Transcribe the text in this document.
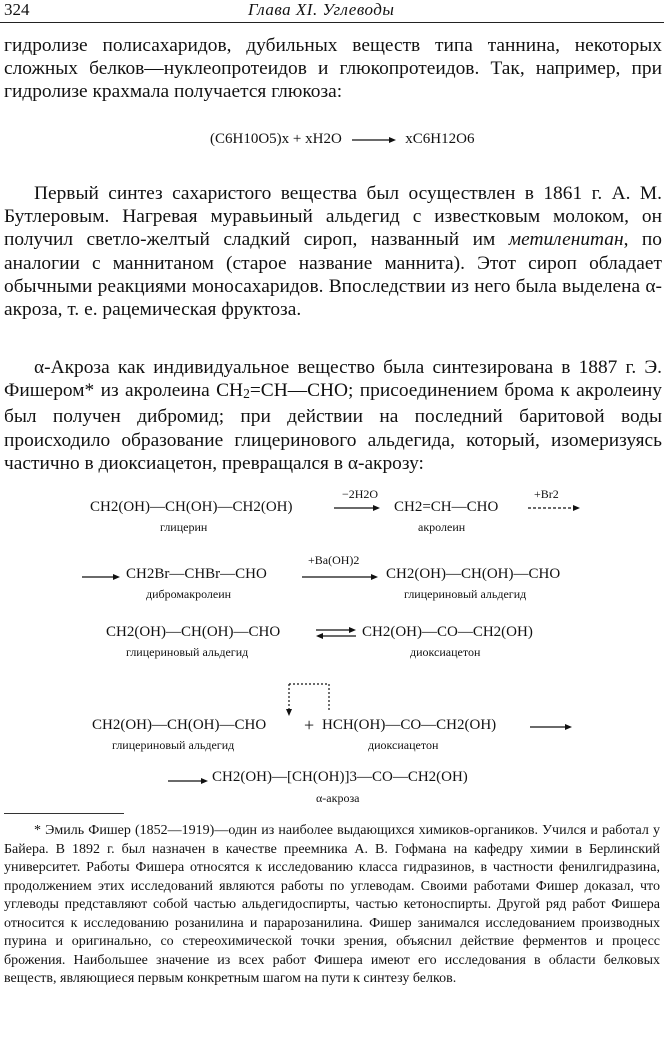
324	Глава XI. Углеводы

гидролизе полисахаридов, дубильных веществ типа таннина, некоторых сложных белков—нуклеопротеидов и глюкопротеидов. Так, например, при гидролизе крахмала получается глюкоза:

(C6H10O5)x + xH2O → xC6H12O6

Первый синтез сахаристого вещества был осуществлен в 1861 г. А. М. Бутлеровым. Нагревая муравьиный альдегид с известковым молоком, он получил светло-желтый сладкий сироп, названный им метиленитан, по аналогии с маннитаном (старое название маннита). Этот сироп обладает обычными реакциями моносахаридов. Впоследствии из него была выделена α-акроза, т. е. рацемическая фруктоза.

α-Акроза как индивидуальное вещество была синтезирована в 1887 г. Э. Фишером* из акролеина $CH_2=CH—CHO$; присоединением брома к акролеину был получен дибромид; при действии на последний баритовой воды происходило образование глицеринового альдегида, который, изомеризуясь частично в диоксиацетон, превращался в α-акрозу:

CH2(OH)—CH(OH)—CH2(OH)
глицерин
−2H2O
CH2=CH—CHO
акролеин
+Br2
CH2Br—CHBr—CHO
дибромакролеин
+Ba(OH)2
CH2(OH)—CH(OH)—CHO
глицериновый альдегид
CH2(OH)—CH(OH)—CHO
глицериновый альдегид
⇌ CH2(OH)—CO—CH2(OH)
диоксиацетон
CH2(OH)—CH(OH)—CHO
глицериновый альдегид
+ HCH(OH)—CO—CH2(OH)
диоксиацетон
CH2(OH)—[CH(OH)]3—CO—CH2(OH)
α-акроза

* Эмиль Фишер (1852—1919)—один из наиболее выдающихся химиков-органиков. Учился и работал у Байера. В 1892 г. был назначен в качестве преемника А. В. Гофмана на кафедру химии в Берлинский университет. Работы Фишера относятся к исследованию класса гидразинов, в частности фенилгидразина, продолжением этих исследований являются работы по углеводам. Своими работами Фишер доказал, что углеводы представляют собой частью альдегидоспирты, частью кетоноспирты. Другой ряд работ Фишера относится к исследованию розанилина и парарозанилина. Фишер занимался исследованием производных пурина и оригинально, со стереохимической точки зрения, объяснил действие ферментов и процесс брожения. Наибольшее значение из всех работ Фишера имеют его исследования в области белковых веществ, являющиеся первым конкретным шагом на пути к синтезу белков.
